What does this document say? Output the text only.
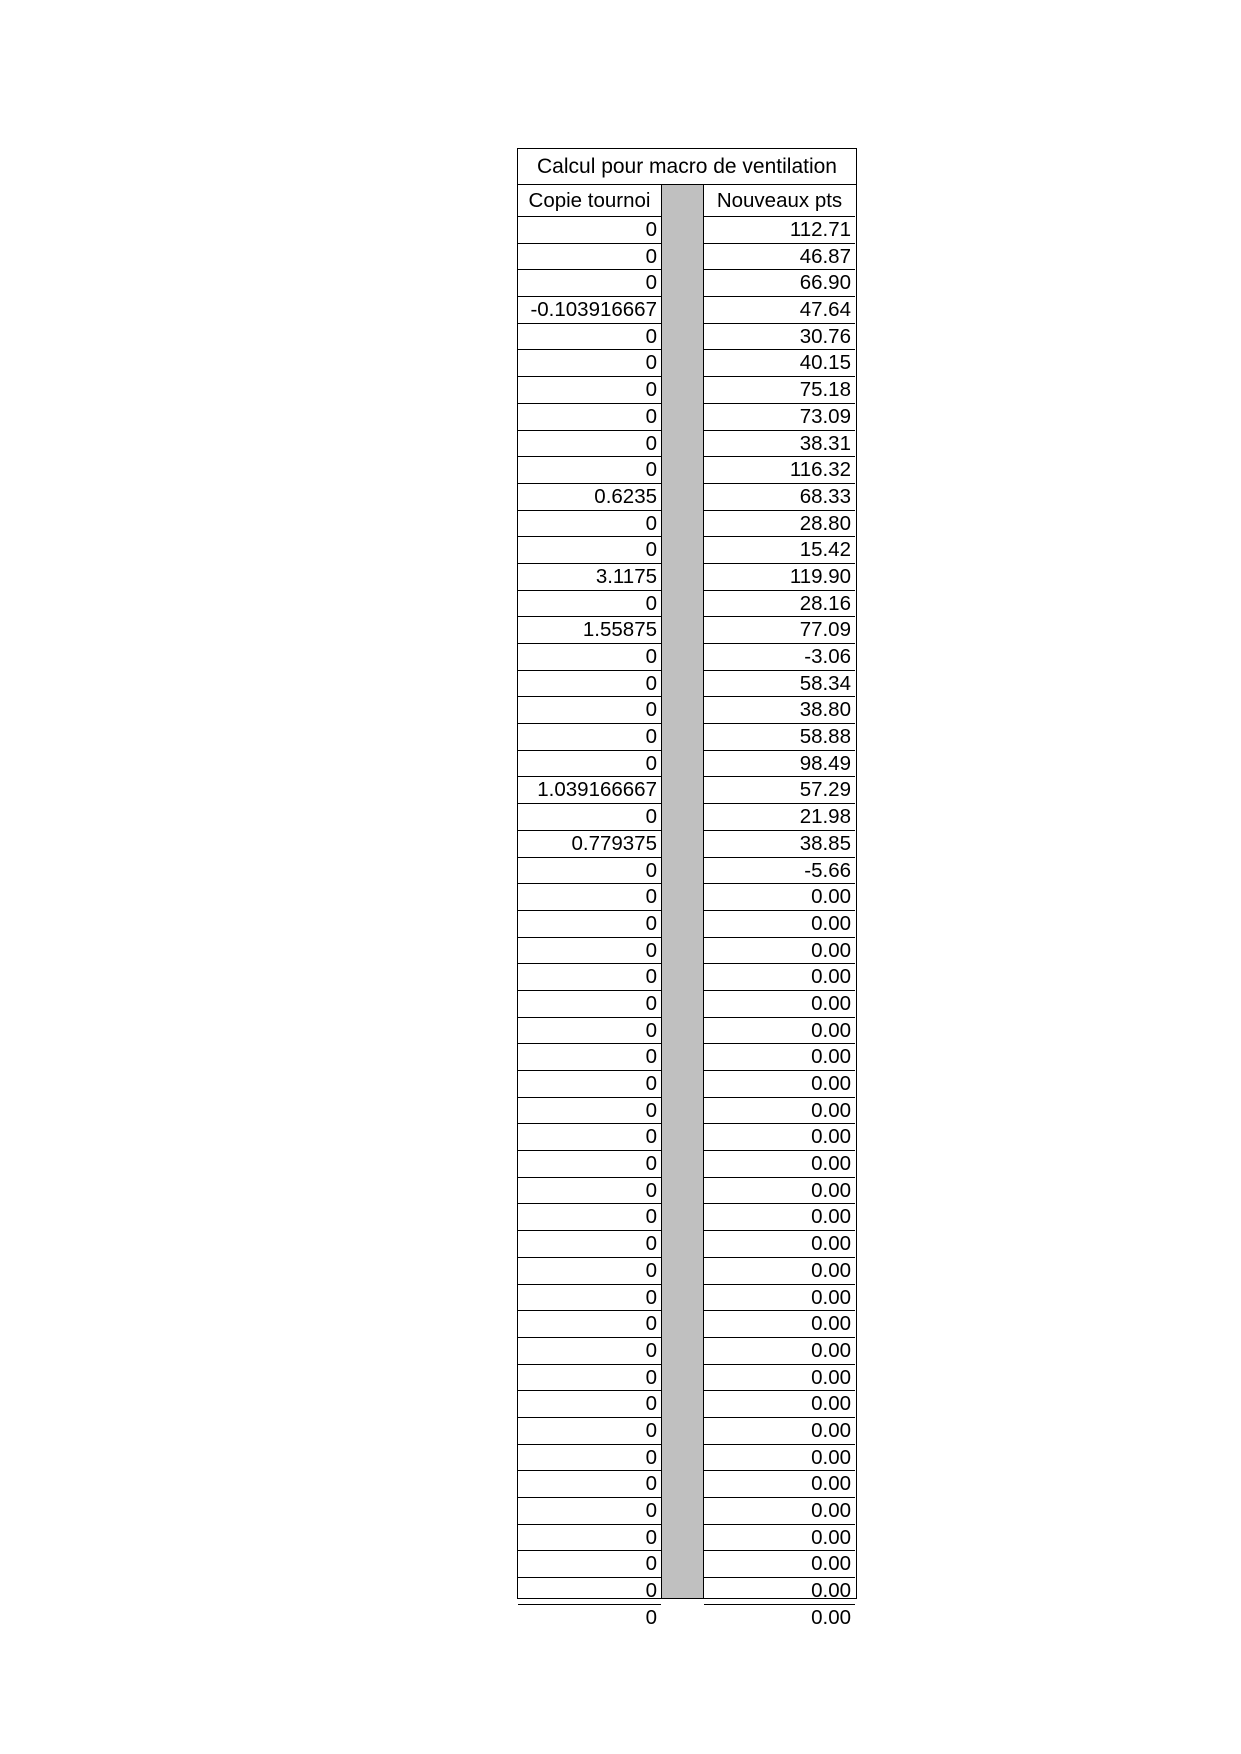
Calcul pour macro de ventilation
Copie tournoi	Nouveaux pts
0	112.71
0	46.87
0	66.90
-0.103916667	47.64
0	30.76
0	40.15
0	75.18
0	73.09
0	38.31
0	116.32
0.6235	68.33
0	28.80
0	15.42
3.1175	119.90
0	28.16
1.55875	77.09
0	-3.06
0	58.34
0	38.80
0	58.88
0	98.49
1.039166667	57.29
0	21.98
0.779375	38.85
0	-5.66
0	0.00
0	0.00
0	0.00
0	0.00
0	0.00
0	0.00
0	0.00
0	0.00
0	0.00
0	0.00
0	0.00
0	0.00
0	0.00
0	0.00
0	0.00
0	0.00
0	0.00
0	0.00
0	0.00
0	0.00
0	0.00
0	0.00
0	0.00
0	0.00
0	0.00
0	0.00
0	0.00
0	0.00
